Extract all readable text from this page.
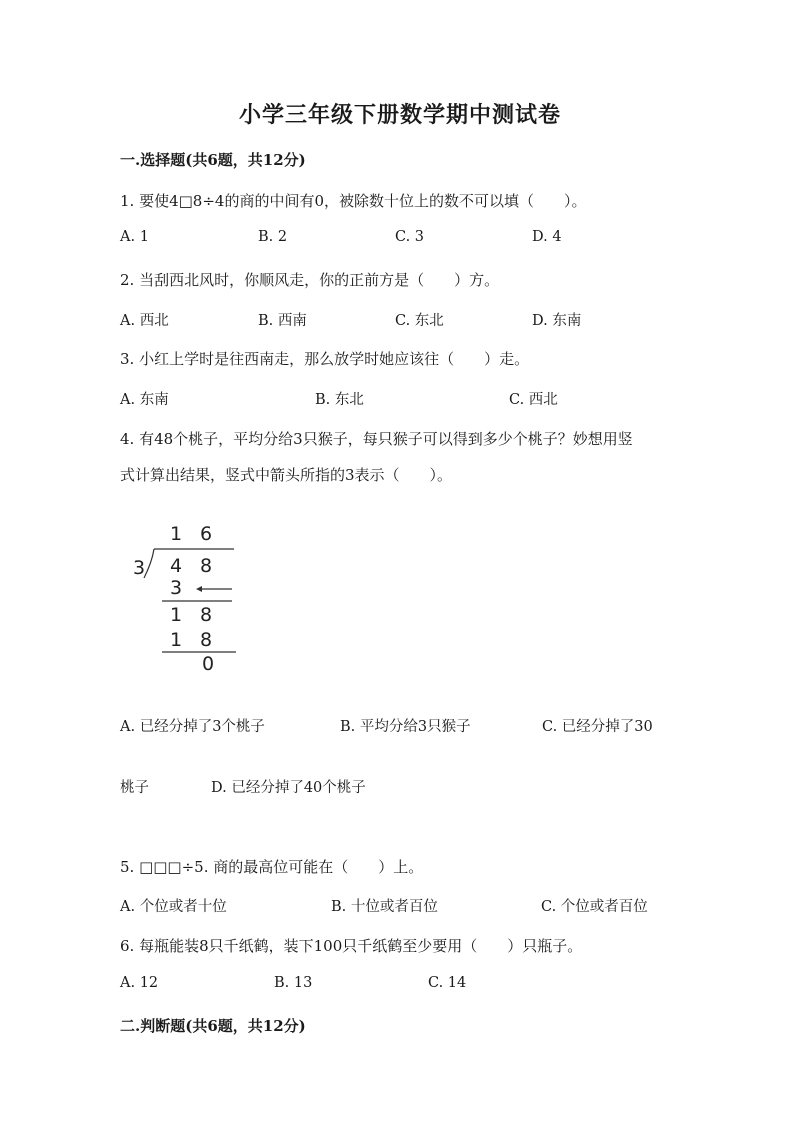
小学三年级下册数学期中测试卷
一.选择题(共6题，共12分)
1. 要使4□8÷4的商的中间有0，被除数十位上的数不可以填（　　）。
A. 1	B. 2	C. 3	D. 4
2. 当刮西北风时，你顺风走，你的正前方是（　　）方。
A. 西北	B. 西南	C. 东北	D. 东南
3. 小红上学时是往西南走，那么放学时她应该往（　　）走。
A. 东南	B. 东北	C. 西北
4. 有48个桃子，平均分给3只猴子，每只猴子可以得到多少个桃子？妙想用竖
式计算出结果，竖式中箭头所指的3表示（　　）。
1 6
3 4 8
3
1 8
1 8
0
A. 已经分掉了3个桃子	B. 平均分给3只猴子	C. 已经分掉了30
桃子	D. 已经分掉了40个桃子
5. □□□÷5. 商的最高位可能在（　　）上。
A. 个位或者十位	B. 十位或者百位	C. 个位或者百位
6. 每瓶能装8只千纸鹤，装下100只千纸鹤至少要用（　　）只瓶子。
A. 12	B. 13	C. 14
二.判断题(共6题，共12分)
